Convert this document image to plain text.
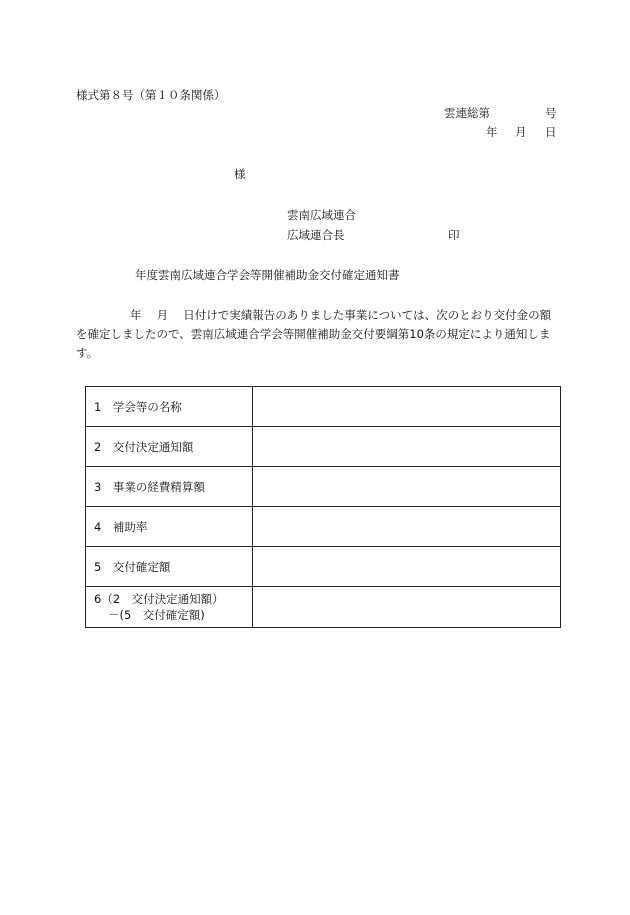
様式第８号（第１０条関係）
雲連総第	号
年 月 日
様
雲南広域連合
広域連合長	印
年度雲南広域連合学会等開催補助金交付確定通知書
年　 月　 日付けで実績報告のありました事業については、次のとおり交付金の額を確定しましたので、雲南広域連合学会等開催補助金交付要綱第10条の規定により通知します。
1　学会等の名称	
2　交付決定通知額	
3　事業の経費精算額	
4　補助率	
5　交付確定額	
6（2　交付決定通知額）
－(5　交付確定額)	
